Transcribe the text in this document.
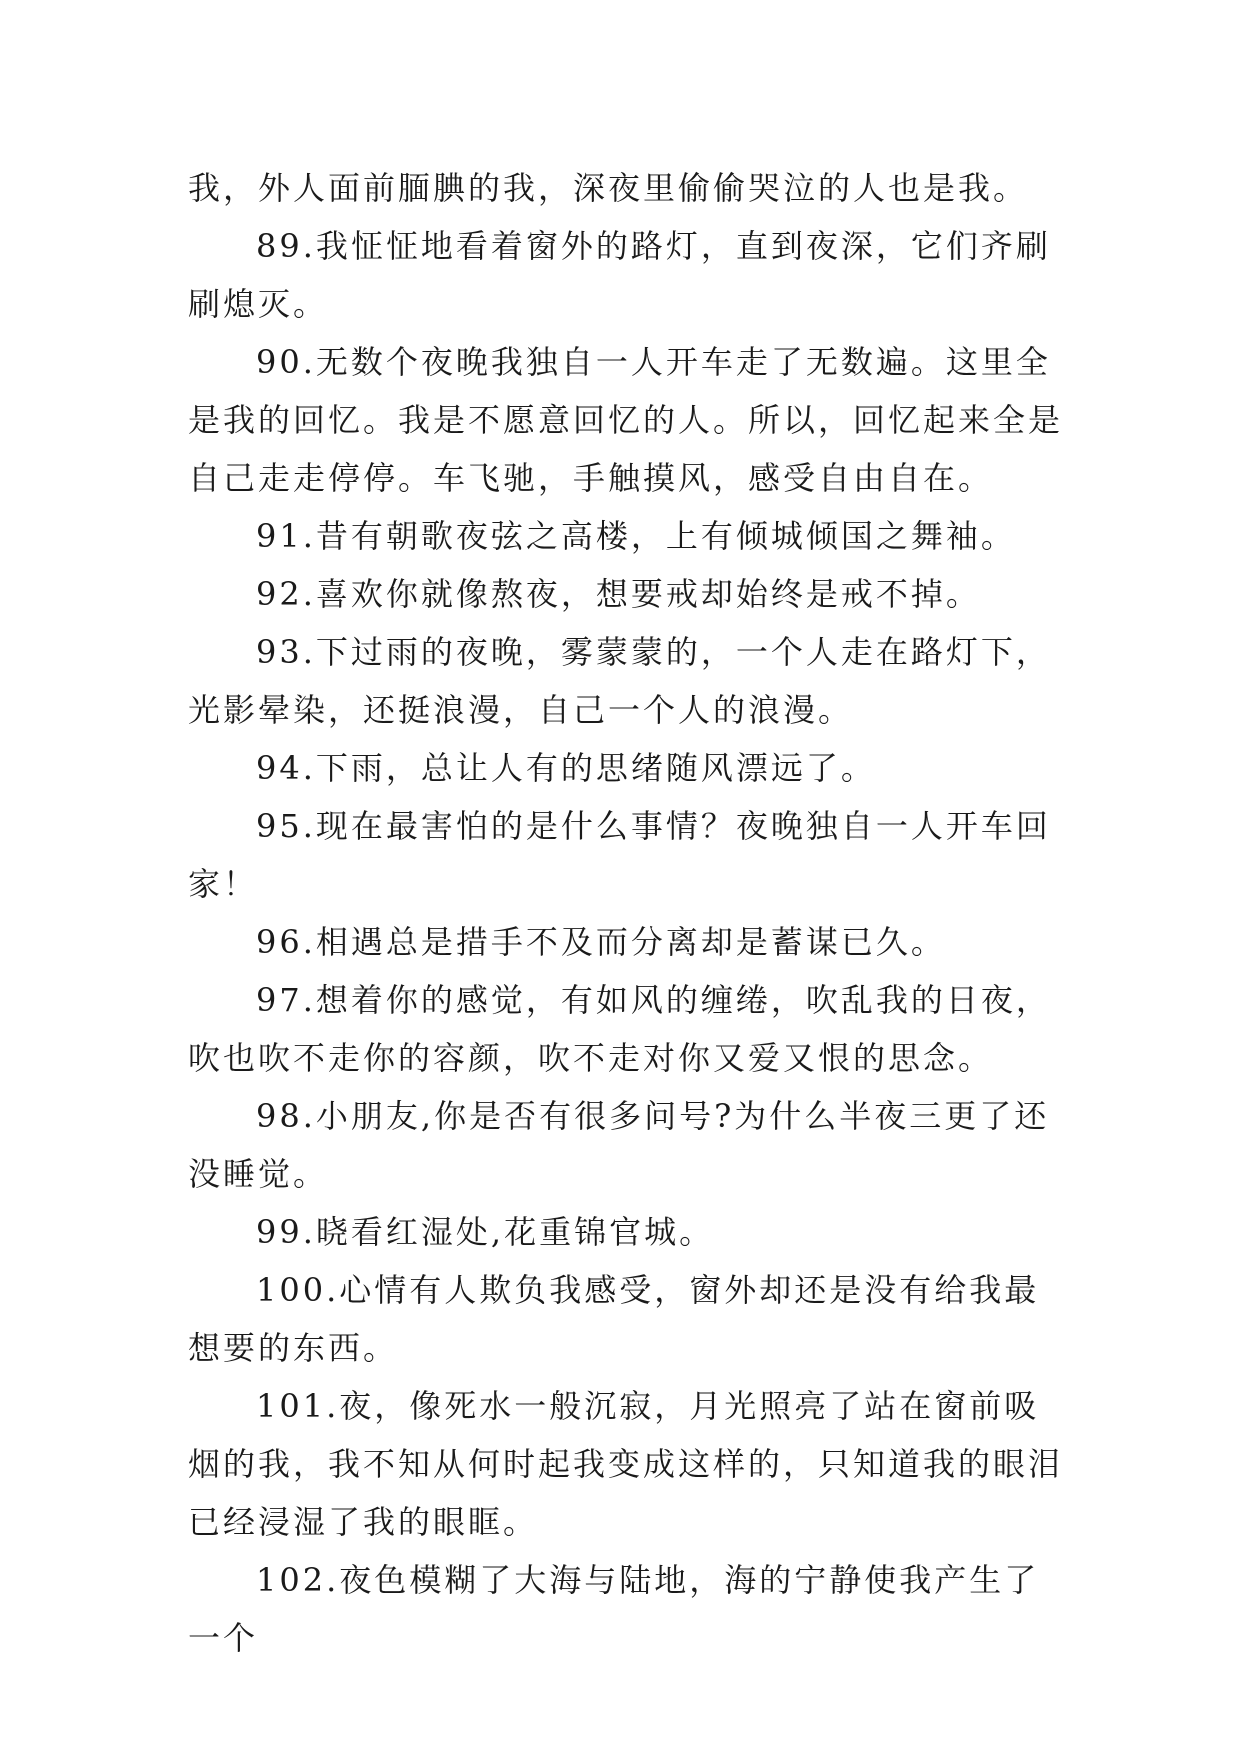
我，外人面前腼腆的我，深夜里偷偷哭泣的人也是我。

89.我怔怔地看着窗外的路灯，直到夜深，它们齐刷刷熄灭。

90.无数个夜晚我独自一人开车走了无数遍。这里全是我的回忆。我是不愿意回忆的人。所以，回忆起来全是自己走走停停。车飞驰，手触摸风，感受自由自在。

91.昔有朝歌夜弦之高楼，上有倾城倾国之舞袖。

92.喜欢你就像熬夜，想要戒却始终是戒不掉。

93.下过雨的夜晚，雾蒙蒙的，一个人走在路灯下，光影晕染，还挺浪漫，自己一个人的浪漫。

94.下雨，总让人有的思绪随风漂远了。

95.现在最害怕的是什么事情？夜晚独自一人开车回家！

96.相遇总是措手不及而分离却是蓄谋已久。

97.想着你的感觉，有如风的缠绻，吹乱我的日夜，吹也吹不走你的容颜，吹不走对你又爱又恨的思念。

98.小朋友,你是否有很多问号?为什么半夜三更了还没睡觉。

99.晓看红湿处,花重锦官城。

100.心情有人欺负我感受，窗外却还是没有给我最想要的东西。

101.夜，像死水一般沉寂，月光照亮了站在窗前吸烟的我，我不知从何时起我变成这样的，只知道我的眼泪已经浸湿了我的眼眶。

102.夜色模糊了大海与陆地，海的宁静使我产生了一个
